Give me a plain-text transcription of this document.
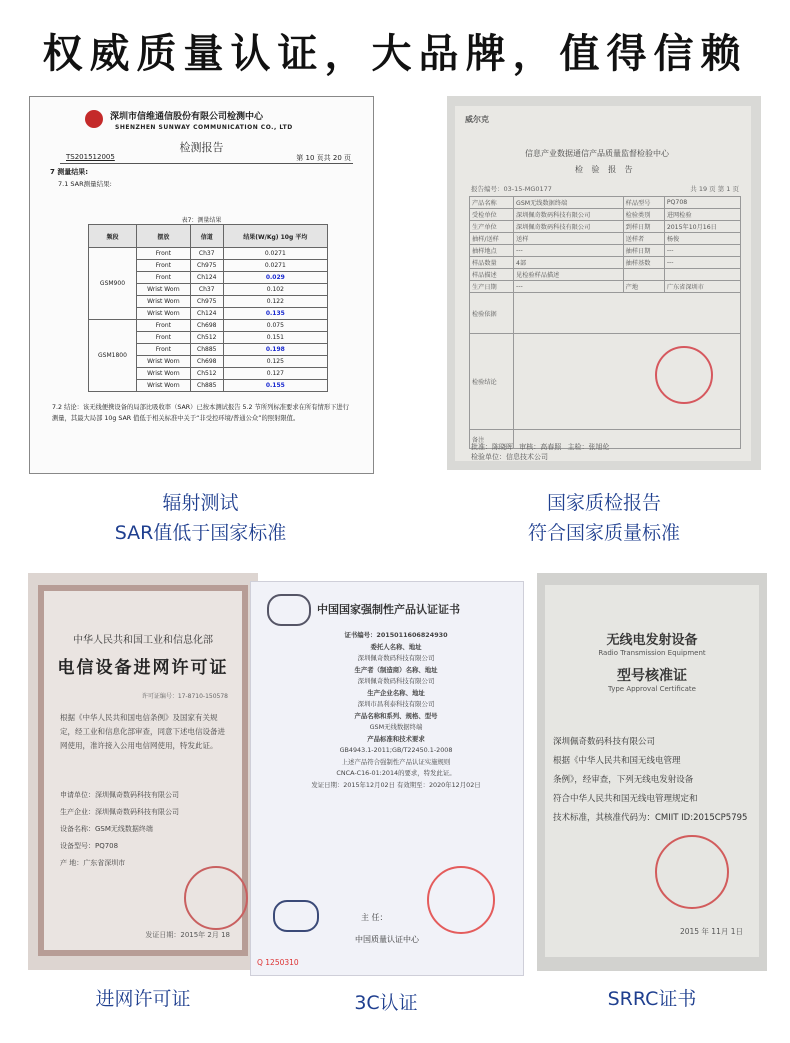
权威质量认证，大品牌，值得信赖
深圳市信维通信股份有限公司检测中心
SHENZHEN SUNWAY COMMUNICATION CO., LTD
检测报告
TS201512005	第 10 页共 20 页
7 测量结果:
7.1 SAR测量结果:
表7：测量结果
频段	摆放	信道	结果(W/Kg) 10g 平均
GSM900	Front	Ch37	0.0271
	Front	Ch975	0.0271
	Front	Ch124	0.029
	Wrist Worn	Ch37	0.102
	Wrist Worn	Ch975	0.122
	Wrist Worn	Ch124	0.135
GSM1800	Front	Ch698	0.075
	Front	Ch512	0.151
	Front	Ch885	0.198
	Wrist Worn	Ch698	0.125
	Wrist Worn	Ch512	0.127
	Wrist Worn	Ch885	0.155
7.2 结论：该无线便携设备的局部比吸收率（SAR）已按本测试报告 5.2 节所列标准要求在所有情形下进行测量，其最大局部 10g SAR 值低于相关标准中关于“非受控环境/普通公众”的照射限值。
辐射测试
SAR值低于国家标准
威尔克
信息产业数据通信产品质量监督检验中心
检 验 报 告
报告编号：03-15-MG0177	共 19 页 第 1 页
产品名称	GSM无线数据终端	样品型号	PQ708
受检单位	深圳佩奇数码科技有限公司	检验类别	进网检验
生产单位	深圳佩奇数码科技有限公司	到样日期	2015年10月16日
抽样/送样	送样	送样者	杨俊
抽样地点	---	抽样日期	---
样品数量	4部	抽样基数	---
样品描述	见检验样品描述		
生产日期	---	产地	广东省深圳市
检验依据			
检验结论			
备注			
批准：陈晓晖 审核：高春照 主检：张旭伦
检验单位：信息技术公司
国家质检报告
符合国家质量标准
中华人民共和国工业和信息化部
电信设备进网许可证
许可证编号：17-8710-150578
根据《中华人民共和国电信条例》及国家有关规定，经工业和信息化部审查，同意下述电信设备进网使用，准许接入公用电信网使用，特发此证。
申请单位：深圳佩奇数码科技有限公司
生产企业：深圳佩奇数码科技有限公司
设备名称：GSM无线数据终端
设备型号：PQ708
产 地：广东省深圳市
发证日期：2015年 2月 18
进网许可证
中国国家强制性产品认证证书
证书编号：2015011606824930
委托人名称、地址
深圳佩奇数码科技有限公司
生产者（制造商）名称、地址
深圳佩奇数码科技有限公司
生产企业名称、地址
深圳市昌利泰科技有限公司
产品名称和系列、规格、型号
GSM无线数据终端
产品标准和技术要求
GB4943.1-2011;GB/T22450.1-2008
上述产品符合强制性产品认证实施规则
CNCA-C16-01:2014的要求，特发此证。
发证日期：2015年12月02日 有效期至：2020年12月02日
主 任：
中国质量认证中心
Q 1250310
3C认证
无线电发射设备
Radio Transmission Equipment
型号核准证
Type Approval Certificate
深圳佩奇数码科技有限公司
根据《中华人民共和国无线电管理
条例》，经审查，下列无线电发射设备
符合中华人民共和国无线电管理规定和
技术标准，其核准代码为：CMIIT ID:2015CP5795
2015 年 11月 1日
SRRC证书
